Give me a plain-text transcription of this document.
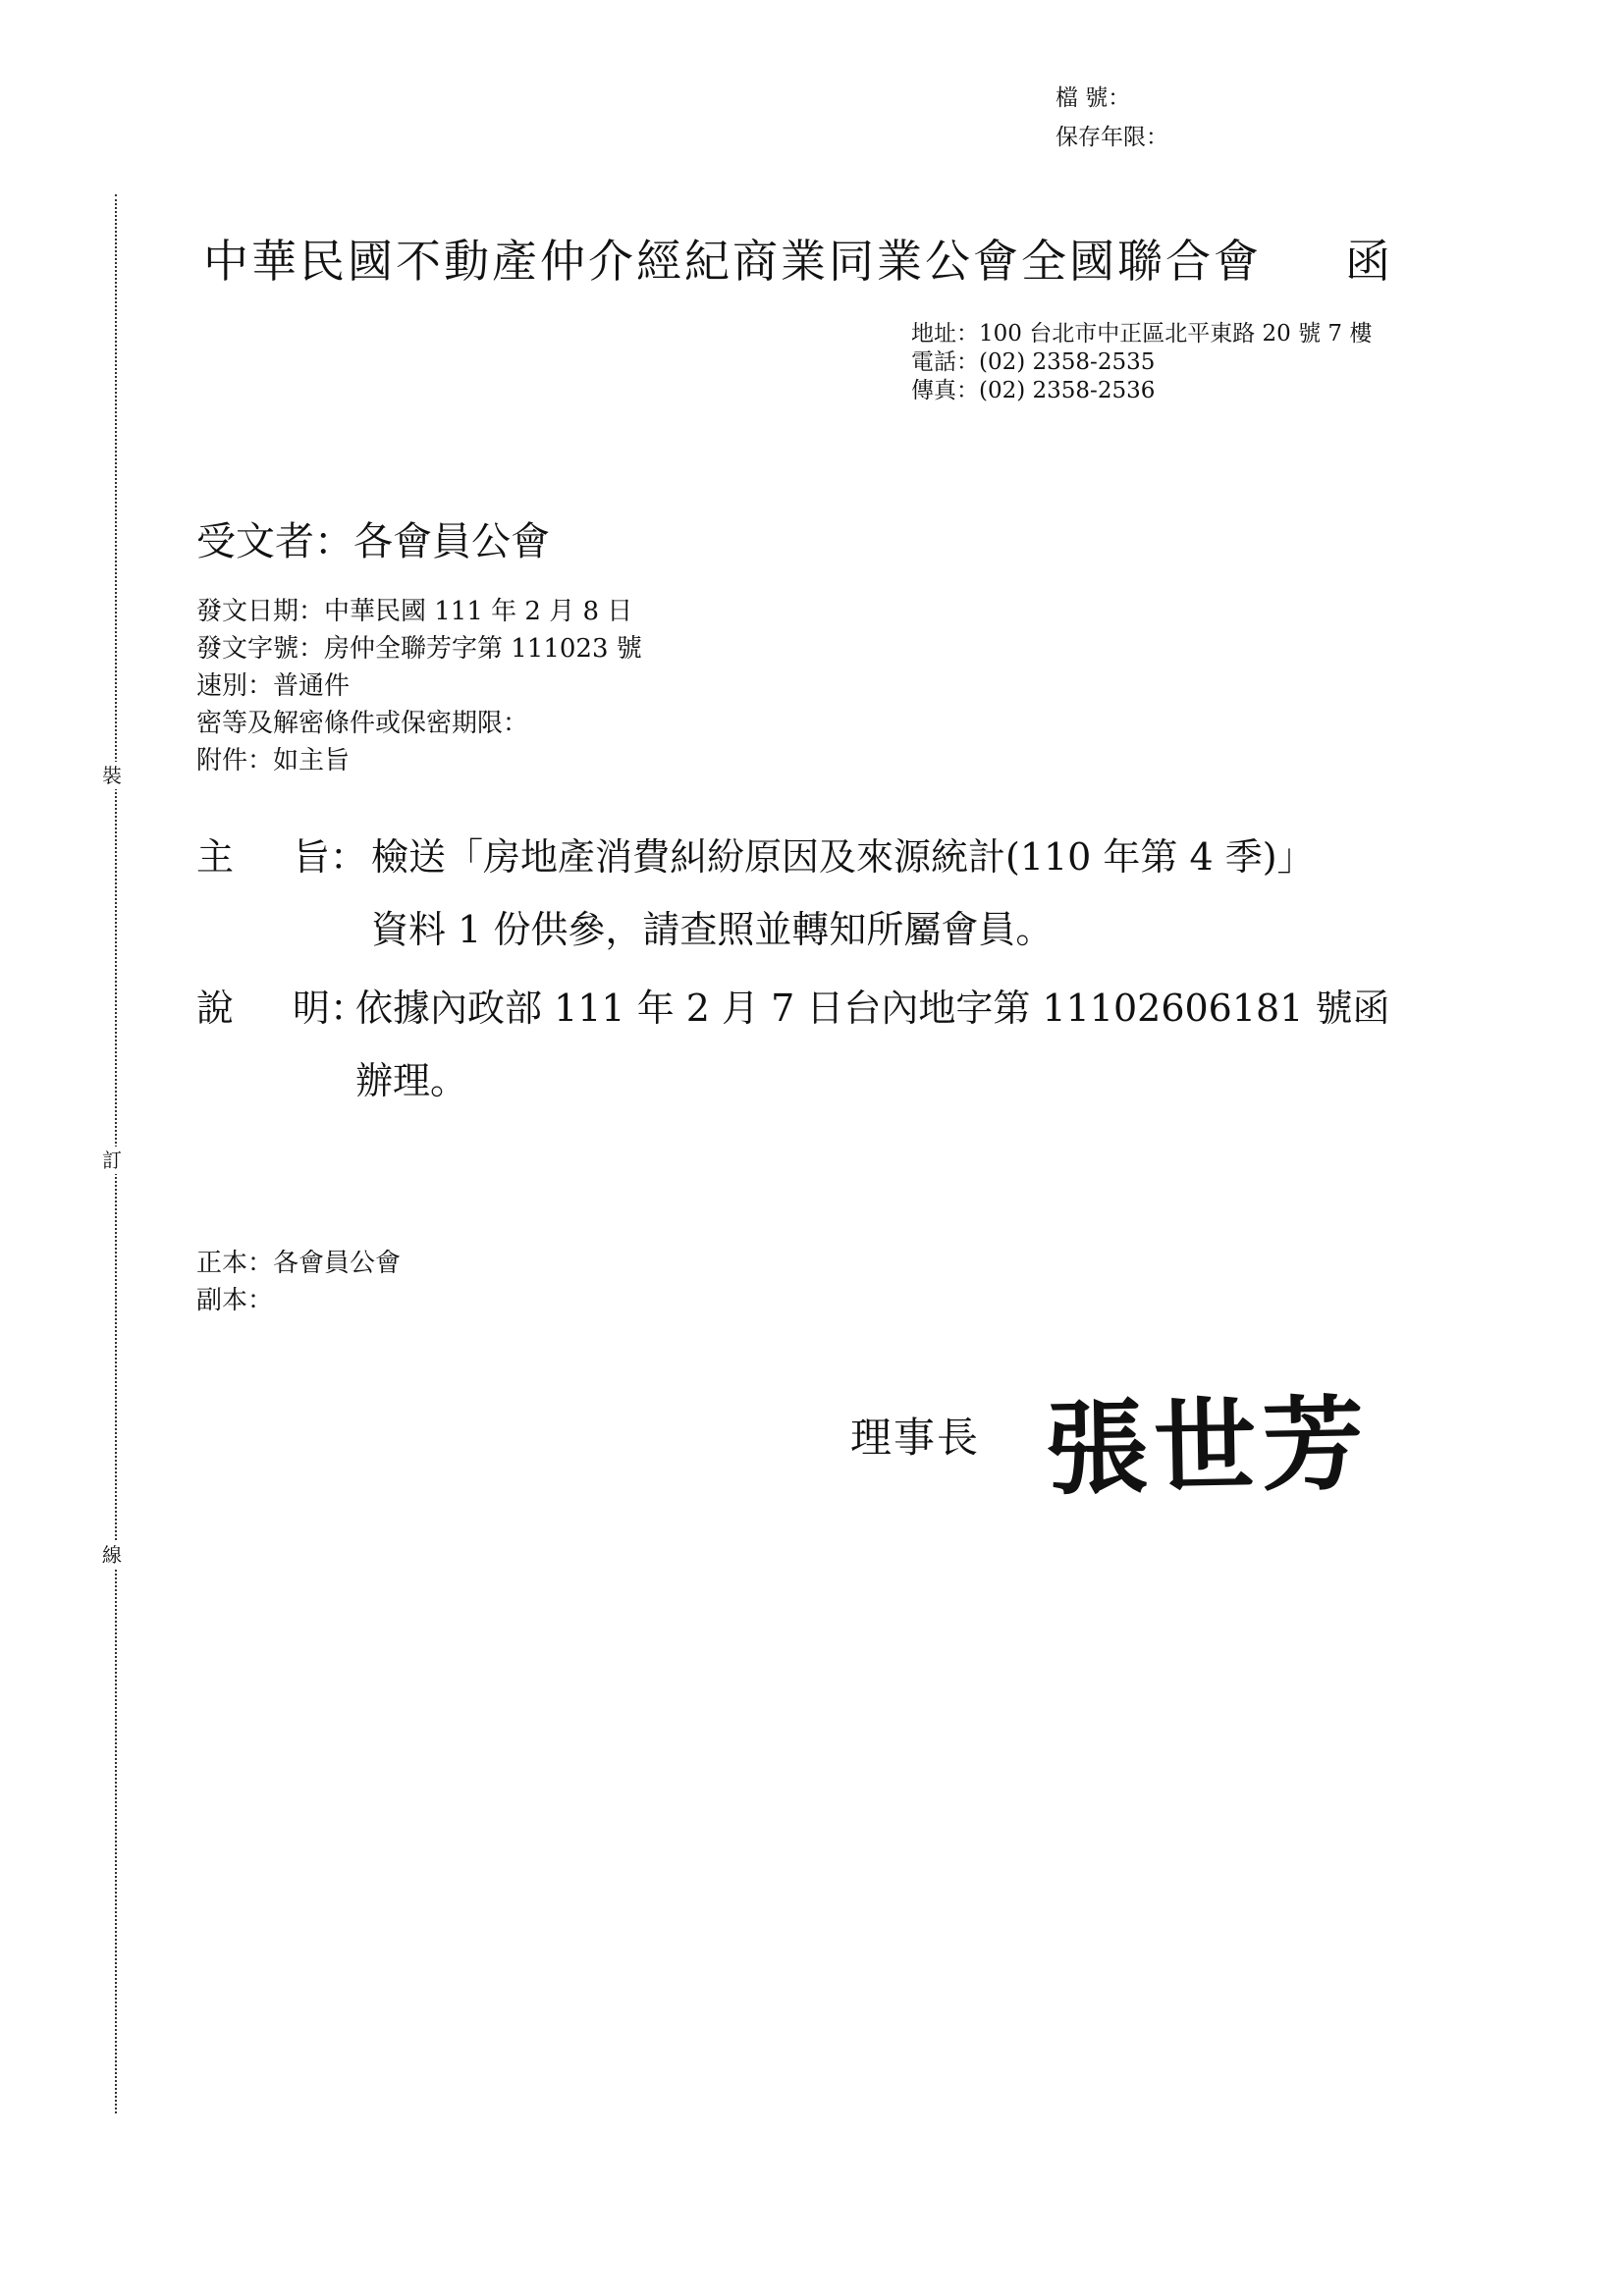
檔 號：
保存年限：
裝
訂
線
中華民國不動產仲介經紀商業同業公會全國聯合會 函
地址：100 台北市中正區北平東路 20 號 7 樓
電話：(02) 2358-2535
傳真：(02) 2358-2536
受文者：各會員公會
發文日期：中華民國 111 年 2 月 8 日
發文字號：房仲全聯芳字第 111023 號
速別：普通件
密等及解密條件或保密期限：
附件：如主旨
主 旨： 檢送「房地產消費糾紛原因及來源統計(110 年第 4 季)」
資料 1 份供參，請查照並轉知所屬會員。
說 明：
依據內政部 111 年 2 月 7 日台內地字第 11102606181 號函
辦理。
正本：各會員公會
副本：
理事長 張世芳
